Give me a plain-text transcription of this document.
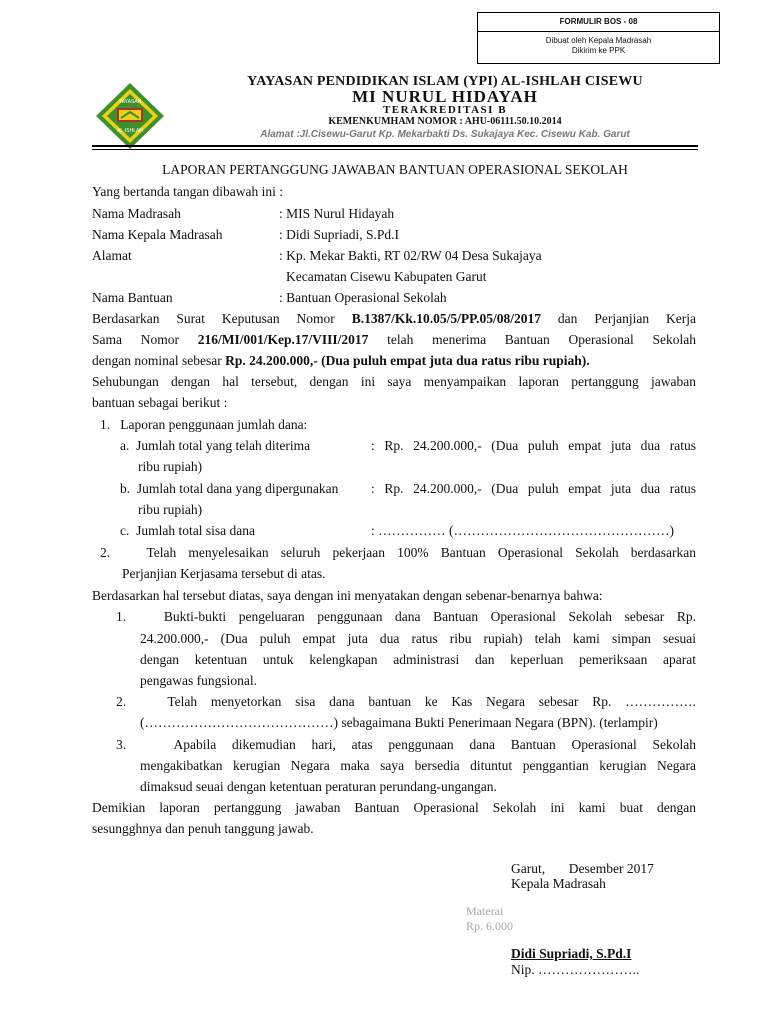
FORMULIR BOS - 08
Dibuat oleh Kepala Madrasah
Dikirim ke PPK
YAYASAN
AL-ISHLAH
YAYASAN PENDIDIKAN ISLAM (YPI) AL-ISHLAH CISEWU
MI NURUL HIDAYAH
TERAKREDITASI B
KEMENKUMHAM NOMOR : AHU-06111.50.10.2014
Alamat :Jl.Cisewu-Garut Kp. Mekarbakti Ds. Sukajaya Kec. Cisewu Kab. Garut
LAPORAN PERTANGGUNG JAWABAN BANTUAN OPERASIONAL SEKOLAH
Yang bertanda tangan dibawah ini :
Nama Madrasah	: MIS Nurul Hidayah
Nama Kepala Madrasah	: Didi Supriadi, S.Pd.I
Alamat	: Kp. Mekar Bakti, RT 02/RW 04 Desa Sukajaya
Kecamatan Cisewu Kabupaten Garut
Nama Bantuan	: Bantuan Operasional Sekolah
Berdasarkan Surat Keputusan Nomor B.1387/Kk.10.05/5/PP.05/08/2017 dan Perjanjian Kerja
Sama Nomor 216/MI/001/Kep.17/VIII/2017 telah menerima Bantuan Operasional Sekolah
dengan nominal sebesar Rp. 24.200.000,- (Dua puluh empat juta dua ratus ribu rupiah).
Sehubungan dengan hal tersebut, dengan ini saya menyampaikan laporan pertanggung jawaban
bantuan sebagai berikut :
1.   Laporan penggunaan jumlah dana:
a.  Jumlah total yang telah diterima	: Rp. 24.200.000,- (Dua puluh empat juta dua ratus
ribu rupiah)
b.  Jumlah total dana yang dipergunakan : Rp. 24.200.000,- (Dua puluh empat juta dua ratus
ribu rupiah)
c.  Jumlah total sisa dana	: …………… (…………………………………………)
2.   Telah menyelesaikan seluruh pekerjaan 100% Bantuan Operasional Sekolah berdasarkan
Perjanjian Kerjasama tersebut di atas.
Berdasarkan hal tersebut diatas, saya dengan ini menyatakan dengan sebenar-benarnya bahwa:
1.   Bukti-bukti pengeluaran penggunaan dana Bantuan Operasional Sekolah sebesar Rp.
24.200.000,- (Dua puluh empat juta dua ratus ribu rupiah) telah kami simpan sesuai
dengan ketentuan untuk kelengkapan administrasi dan keperluan pemeriksaan aparat
pengawas fungsional.
2.   Telah menyetorkan sisa dana bantuan ke Kas Negara sebesar Rp. …………….
(……………………………………) sebagaimana Bukti Penerimaan Negara (BPN). (terlampir)
3.   Apabila dikemudian hari, atas penggunaan dana Bantuan Operasional Sekolah
mengakibatkan kerugian Negara maka saya bersedia dituntut penggantian kerugian Negara
dimaksud seuai dengan ketentuan peraturan perundang-ungangan.
Demikian laporan pertanggung jawaban Bantuan Operasional Sekolah ini kami buat dengan
sesungghnya dan penuh tanggung jawab.
Garut,       Desember 2017
Kepala Madrasah
Materai
Rp. 6.000
Didi Supriadi, S.Pd.I
Nip. …………………..
